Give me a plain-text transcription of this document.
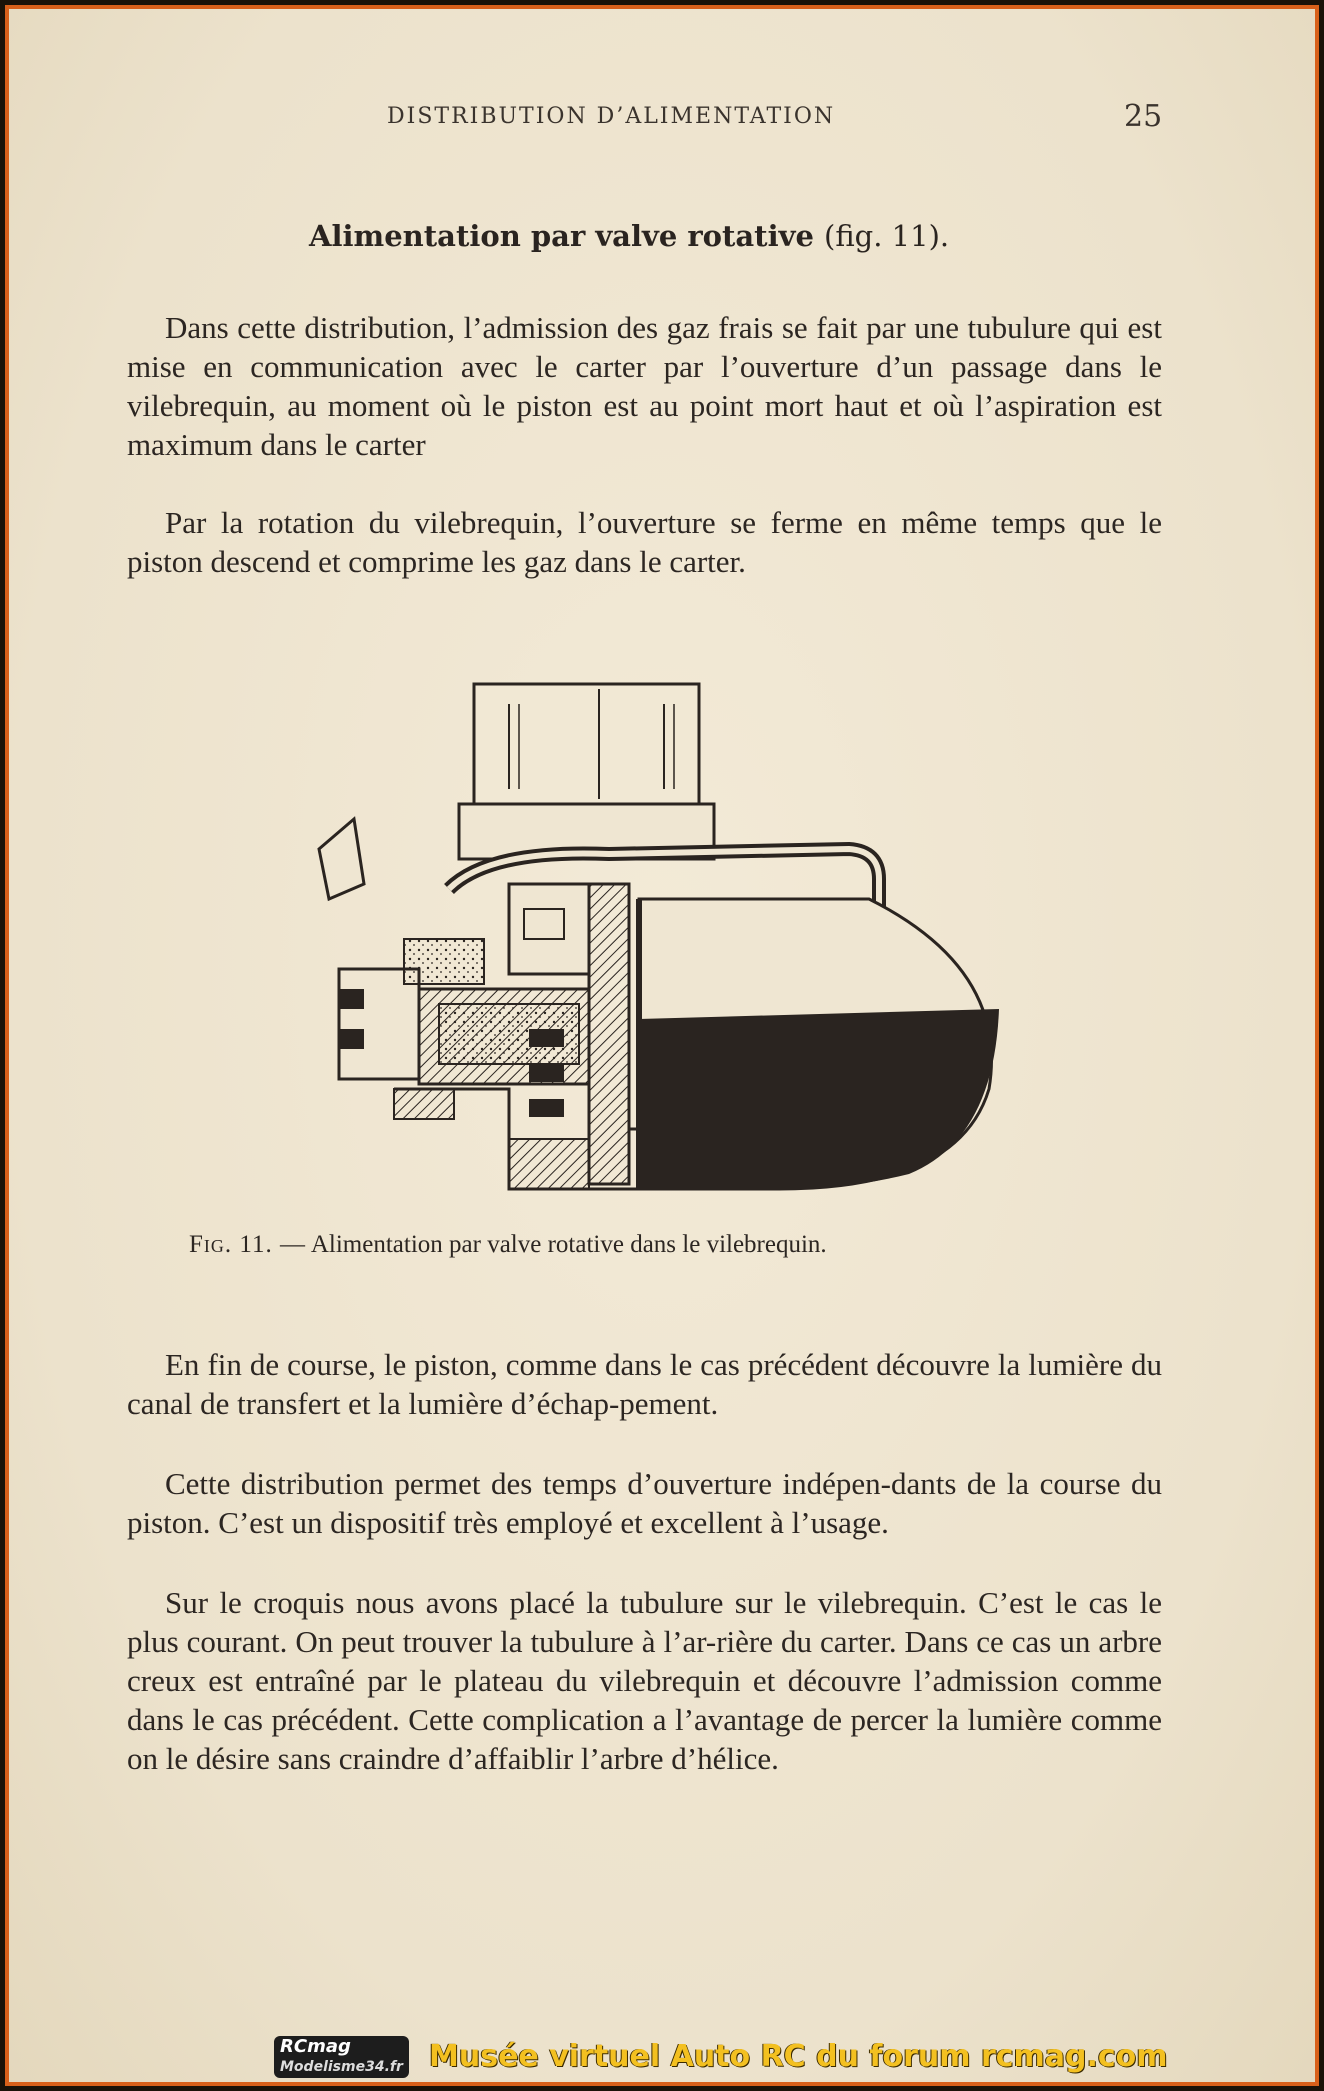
DISTRIBUTION D’ALIMENTATION	25
Alimentation par valve rotative (fig. 11).

Dans cette distribution, l’admission des gaz frais se fait par une tubulure qui est mise en communication avec le carter par l’ouverture d’un passage dans le vilebrequin, au moment où le piston est au point mort haut et où l’aspiration est maximum dans le carter

Par la rotation du vilebrequin, l’ouverture se ferme en même temps que le piston descend et comprime les gaz dans le carter.

Fig. 11. — Alimentation par valve rotative dans le vilebrequin.

En fin de course, le piston, comme dans le cas précédent découvre la lumière du canal de transfert et la lumière d’échap-pement.

Cette distribution permet des temps d’ouverture indépen-dants de la course du piston. C’est un dispositif très employé et excellent à l’usage.

Sur le croquis nous avons placé la tubulure sur le vilebrequin. C’est le cas le plus courant. On peut trouver la tubulure à l’ar-rière du carter. Dans ce cas un arbre creux est entraîné par le plateau du vilebrequin et découvre l’admission comme dans le cas précédent. Cette complication a l’avantage de percer la lumière comme on le désire sans craindre d’affaiblir l’arbre d’hélice.

RCmag
Modelisme34.fr Musée virtuel Auto RC du forum rcmag.com
